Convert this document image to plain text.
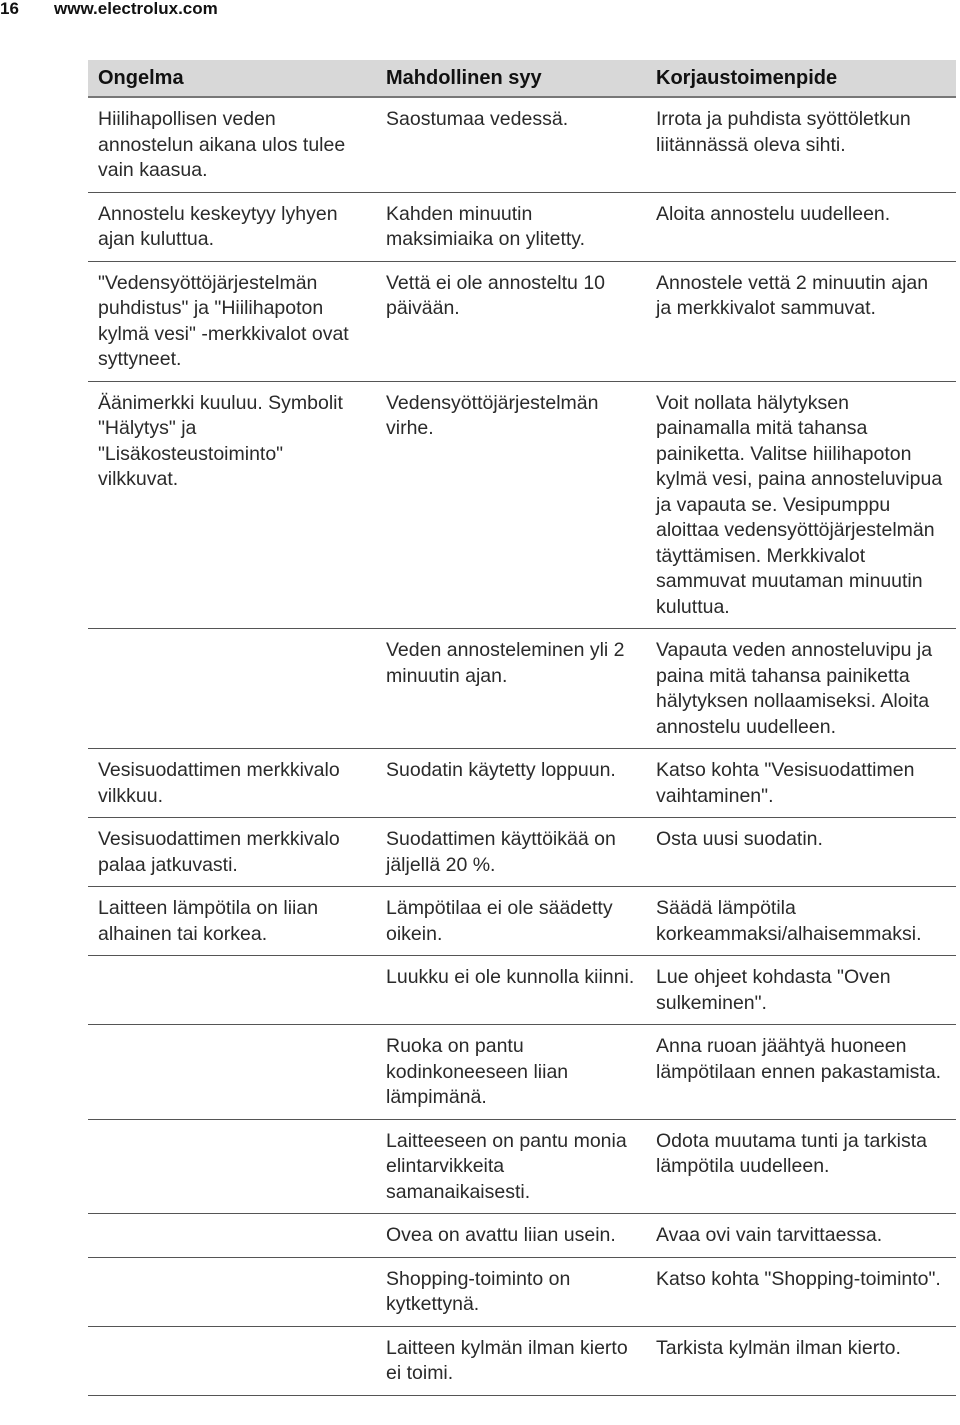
16 www.electrolux.com
Ongelma	Mahdollinen syy	Korjaustoimenpide
Hiilihapollisen veden annostelun aikana ulos tulee vain kaasua.	Saostumaa vedessä.	Irrota ja puhdista syöttöletkun liitännässä oleva sihti.
Annostelu keskeytyy lyhyen ajan kuluttua.	Kahden minuutin maksimiaika on ylitetty.	Aloita annostelu uudelleen.
"Vedensyöttöjärjestelmän puhdistus" ja "Hiilihapoton kylmä vesi" -merkkivalot ovat syttyneet.	Vettä ei ole annosteltu 10 päivään.	Annostele vettä 2 minuutin ajan ja merkkivalot sammuvat.
Äänimerkki kuuluu. Symbolit "Hälytys" ja "Lisäkosteustoiminto" vilkkuvat.	Vedensyöttöjärjestelmän virhe.	Voit nollata hälytyksen painamalla mitä tahansa painiketta. Valitse hiilihapoton kylmä vesi, paina annosteluvipua ja vapauta se. Vesipumppu aloittaa vedensyöttöjärjestelmän täyttämisen. Merkkivalot sammuvat muutaman minuutin kuluttua.
	Veden annosteleminen yli 2 minuutin ajan.	Vapauta veden annosteluvipu ja paina mitä tahansa painiketta hälytyksen nollaamiseksi. Aloita annostelu uudelleen.
Vesisuodattimen merkkivalo vilkkuu.	Suodatin käytetty loppuun.	Katso kohta "Vesisuodattimen vaihtaminen".
Vesisuodattimen merkkivalo palaa jatkuvasti.	Suodattimen käyttöikää on jäljellä 20 %.	Osta uusi suodatin.
Laitteen lämpötila on liian alhainen tai korkea.	Lämpötilaa ei ole säädetty oikein.	Säädä lämpötila korkeammaksi/alhaisemmaksi.
	Luukku ei ole kunnolla kiinni.	Lue ohjeet kohdasta "Oven sulkeminen".
	Ruoka on pantu kodinkoneeseen liian lämpimänä.	Anna ruoan jäähtyä huoneen lämpötilaan ennen pakastamista.
	Laitteeseen on pantu monia elintarvikkeita samanaikaisesti.	Odota muutama tunti ja tarkista lämpötila uudelleen.
	Ovea on avattu liian usein.	Avaa ovi vain tarvittaessa.
	Shopping-toiminto on kytkettynä.	Katso kohta "Shopping-toiminto".
	Laitteen kylmän ilman kierto ei toimi.	Tarkista kylmän ilman kierto.
